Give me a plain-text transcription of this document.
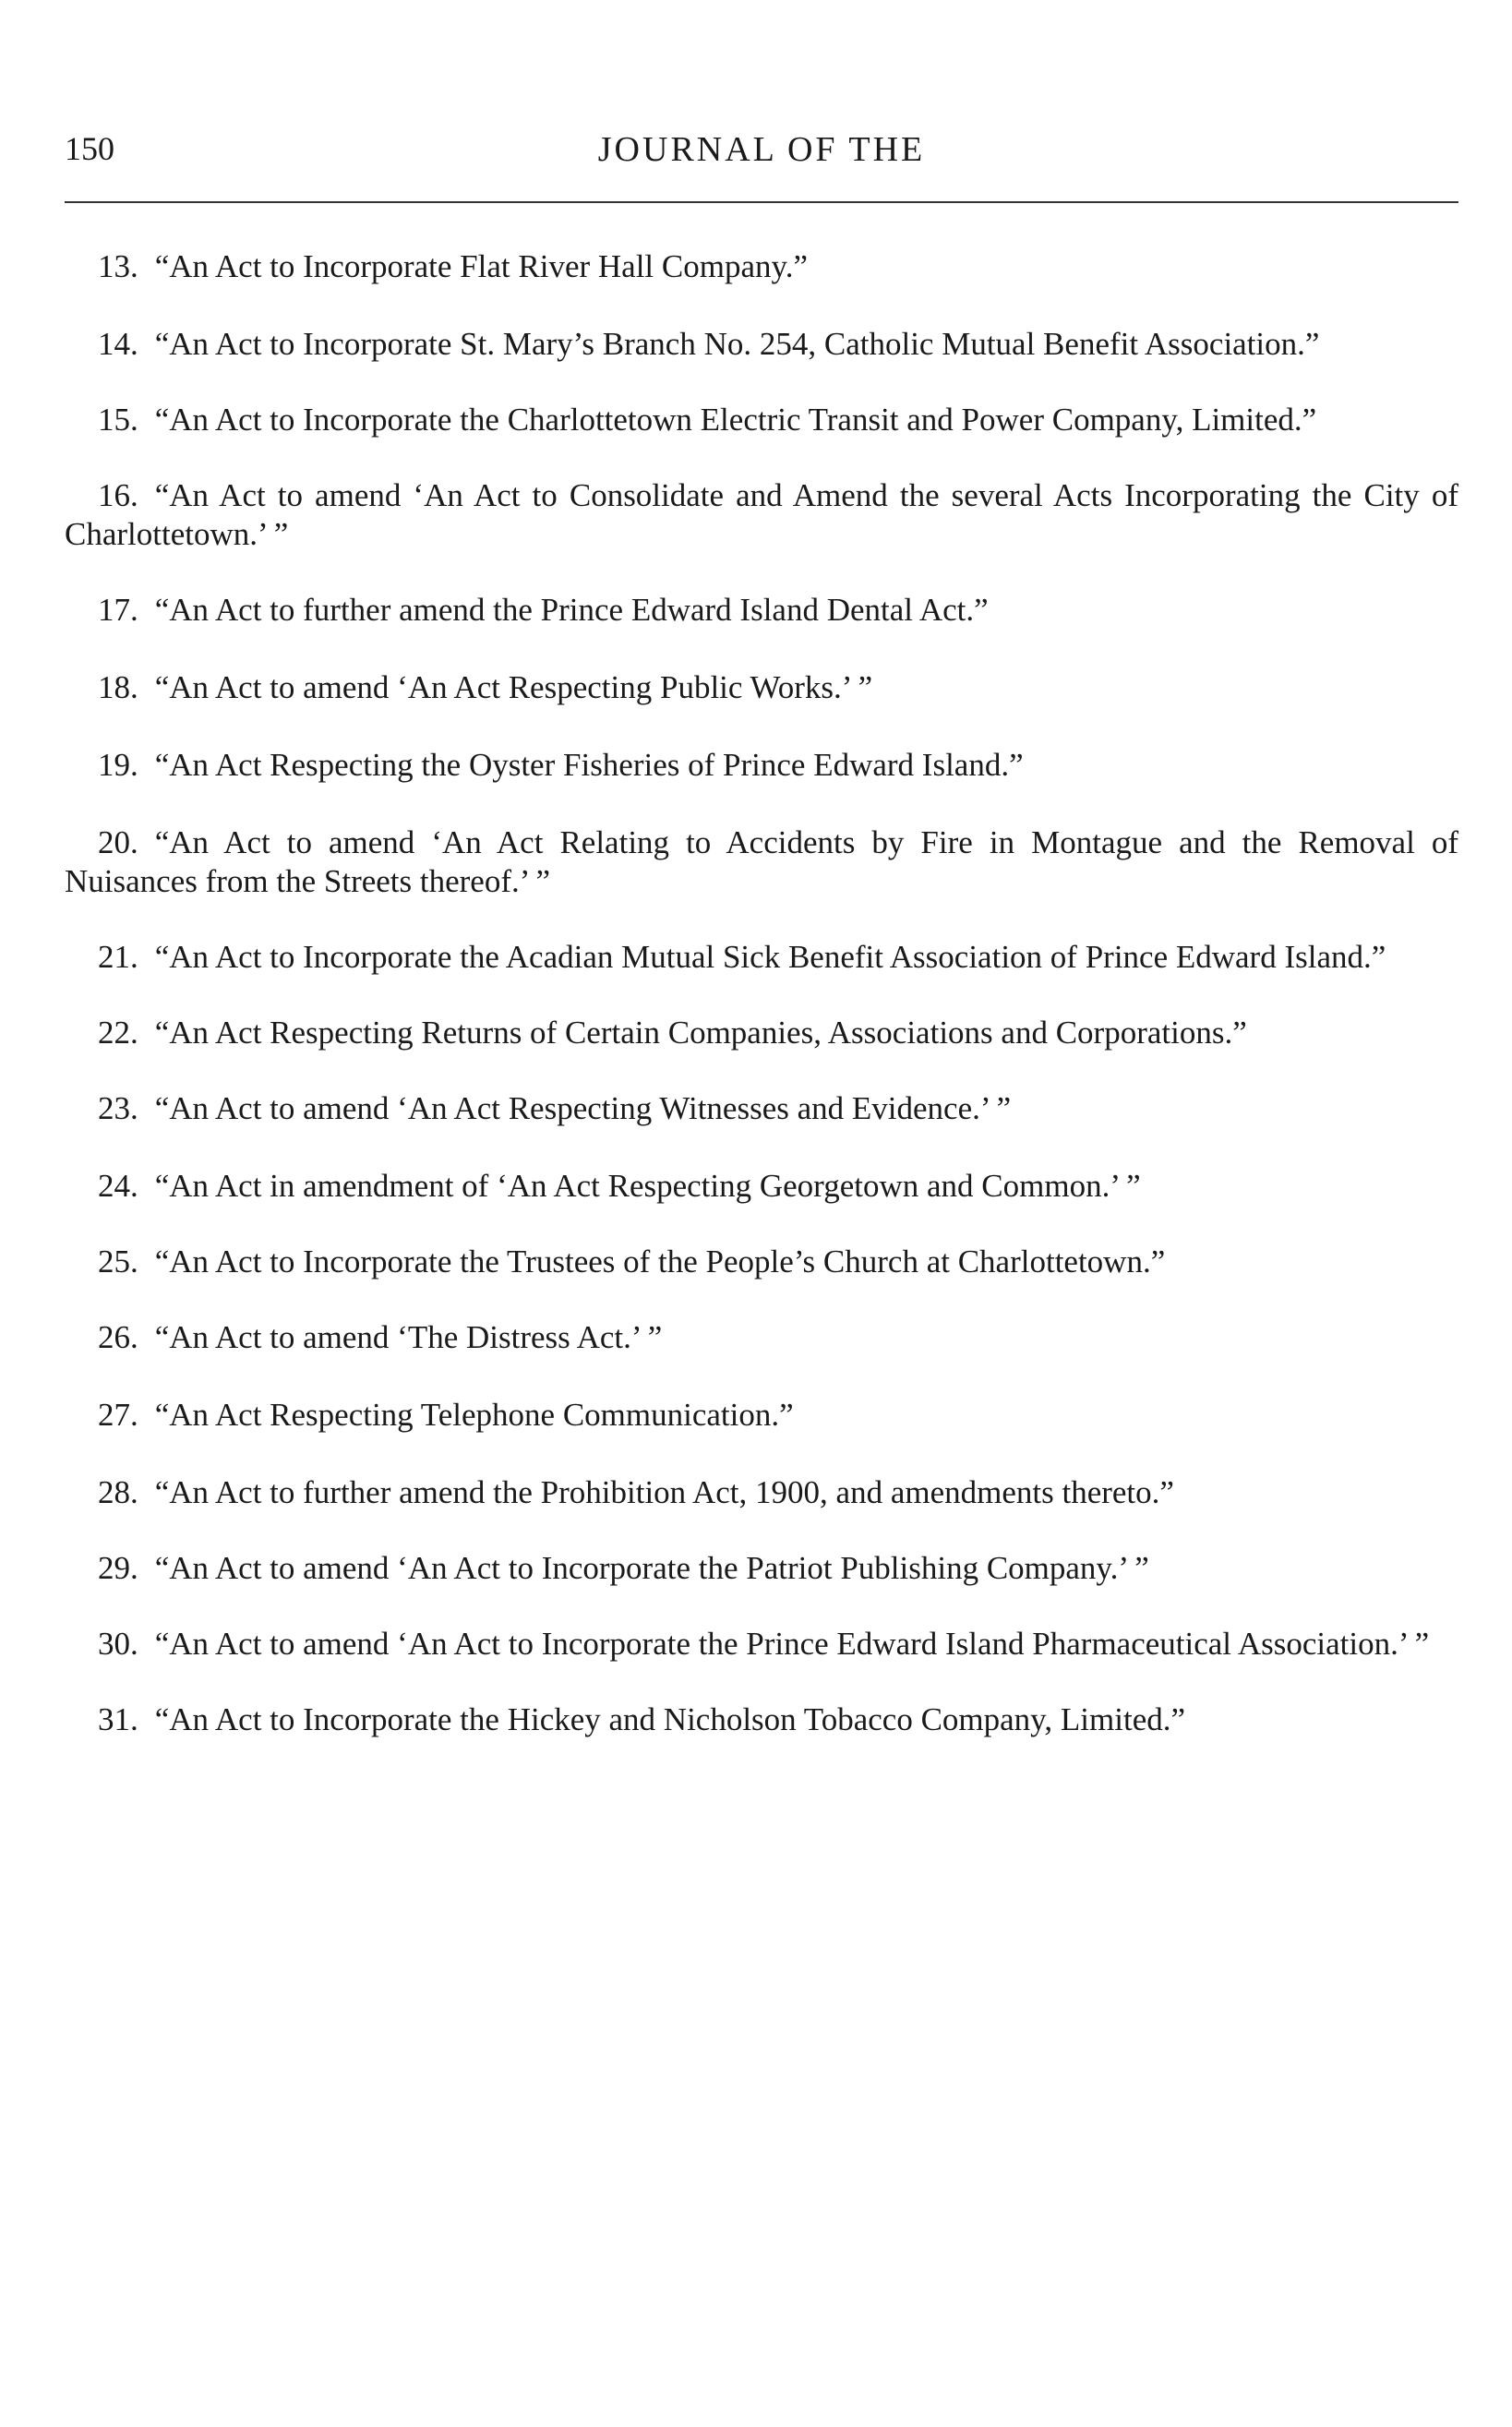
150	JOURNAL OF THE

13. “An Act to Incorporate Flat River Hall Company.”

14. “An Act to Incorporate St. Mary’s Branch No. 254, Catholic Mutual Benefit Association.”

15. “An Act to Incorporate the Charlottetown Electric Transit and Power Company, Limited.”

16. “An Act to amend ‘An Act to Consolidate and Amend the several Acts Incorporating the City of Charlottetown.’ ”

17. “An Act to further amend the Prince Edward Island Dental Act.”

18. “An Act to amend ‘An Act Respecting Public Works.’ ”

19. “An Act Respecting the Oyster Fisheries of Prince Edward Island.”

20. “An Act to amend ‘An Act Relating to Accidents by Fire in Montague and the Removal of Nuisances from the Streets thereof.’ ”

21. “An Act to Incorporate the Acadian Mutual Sick Benefit Association of Prince Edward Island.”

22. “An Act Respecting Returns of Certain Companies, Associations and Corporations.”

23. “An Act to amend ‘An Act Respecting Witnesses and Evidence.’ ”

24. “An Act in amendment of ‘An Act Respecting Georgetown and Common.’ ”

25. “An Act to Incorporate the Trustees of the People’s Church at Charlottetown.”

26. “An Act to amend ‘The Distress Act.’ ”

27. “An Act Respecting Telephone Communication.”

28. “An Act to further amend the Prohibition Act, 1900, and amendments thereto.”

29. “An Act to amend ‘An Act to Incorporate the Patriot Publishing Company.’ ”

30. “An Act to amend ‘An Act to Incorporate the Prince Edward Island Pharmaceutical Association.’ ”

31. “An Act to Incorporate the Hickey and Nicholson Tobacco Company, Limited.”
